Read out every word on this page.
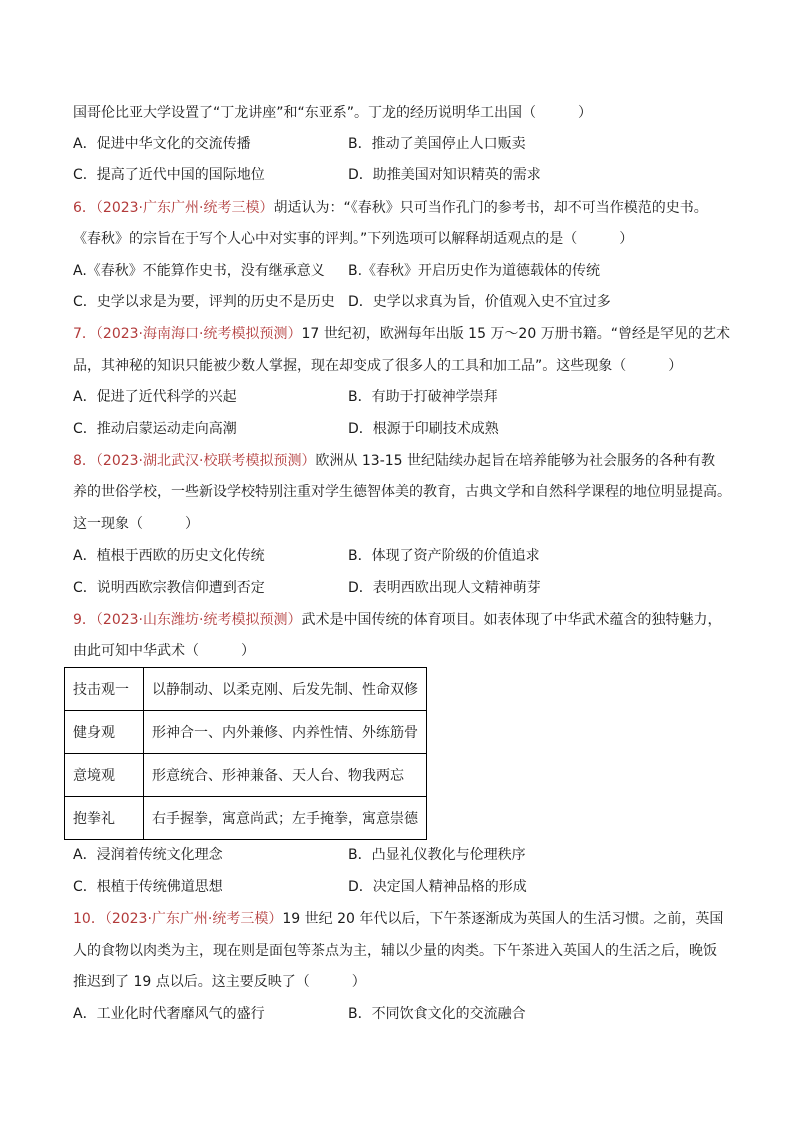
国哥伦比亚大学设置了“丁龙讲座”和“东亚系”。丁龙的经历说明华工出国（　　　）
A．促进中华文化的交流传播	B．推动了美国停止人口贩卖
C．提高了近代中国的国际地位	D．助推美国对知识精英的需求
6．（2023·广东广州·统考三模）胡适认为：“《春秋》只可当作孔门的参考书，却不可当作模范的史书。
《春秋》的宗旨在于写个人心中对实事的评判。”下列选项可以解释胡适观点的是（　　　）
A.《春秋》不能算作史书，没有继承意义 B.《春秋》开启历史作为道德载体的传统
C．史学以求是为要，评判的历史不是历史 D．史学以求真为旨，价值观入史不宜过多
7．（2023·海南海口·统考模拟预测）17 世纪初，欧洲每年出版 15 万～20 万册书籍。“曾经是罕见的艺术
品，其神秘的知识只能被少数人掌握，现在却变成了很多人的工具和加工品”。这些现象（　　　）
A．促进了近代科学的兴起	B．有助于打破神学崇拜
C．推动启蒙运动走向高潮	D．根源于印刷技术成熟
8．（2023·湖北武汉·校联考模拟预测）欧洲从 13-15 世纪陆续办起旨在培养能够为社会服务的各种有教
养的世俗学校，一些新设学校特别注重对学生德智体美的教育，古典文学和自然科学课程的地位明显提高。
这一现象（　　　）
A．植根于西欧的历史文化传统	B．体现了资产阶级的价值追求
C．说明西欧宗教信仰遭到否定	D．表明西欧出现人文精神萌芽
9．（2023·山东潍坊·统考模拟预测）武术是中国传统的体育项目。如表体现了中华武术蕴含的独特魅力，
由此可知中华武术（　　　）
技击观一	以静制动、以柔克刚、后发先制、性命双修
健身观	形神合一、内外兼修、内养性情、外练筋骨
意境观	形意统合、形神兼备、天人台、物我两忘
抱拳礼	右手握拳，寓意尚武；左手掩拳，寓意崇德
A．浸润着传统文化理念	B．凸显礼仪教化与伦理秩序
C．根植于传统佛道思想	D．决定国人精神品格的形成
10．（2023·广东广州·统考三模）19 世纪 20 年代以后，下午茶逐渐成为英国人的生活习惯。之前，英国
人的食物以肉类为主，现在则是面包等茶点为主，辅以少量的肉类。下午茶进入英国人的生活之后，晚饭
推迟到了 19 点以后。这主要反映了（　　　）
A．工业化时代奢靡风气的盛行	B．不同饮食文化的交流融合
